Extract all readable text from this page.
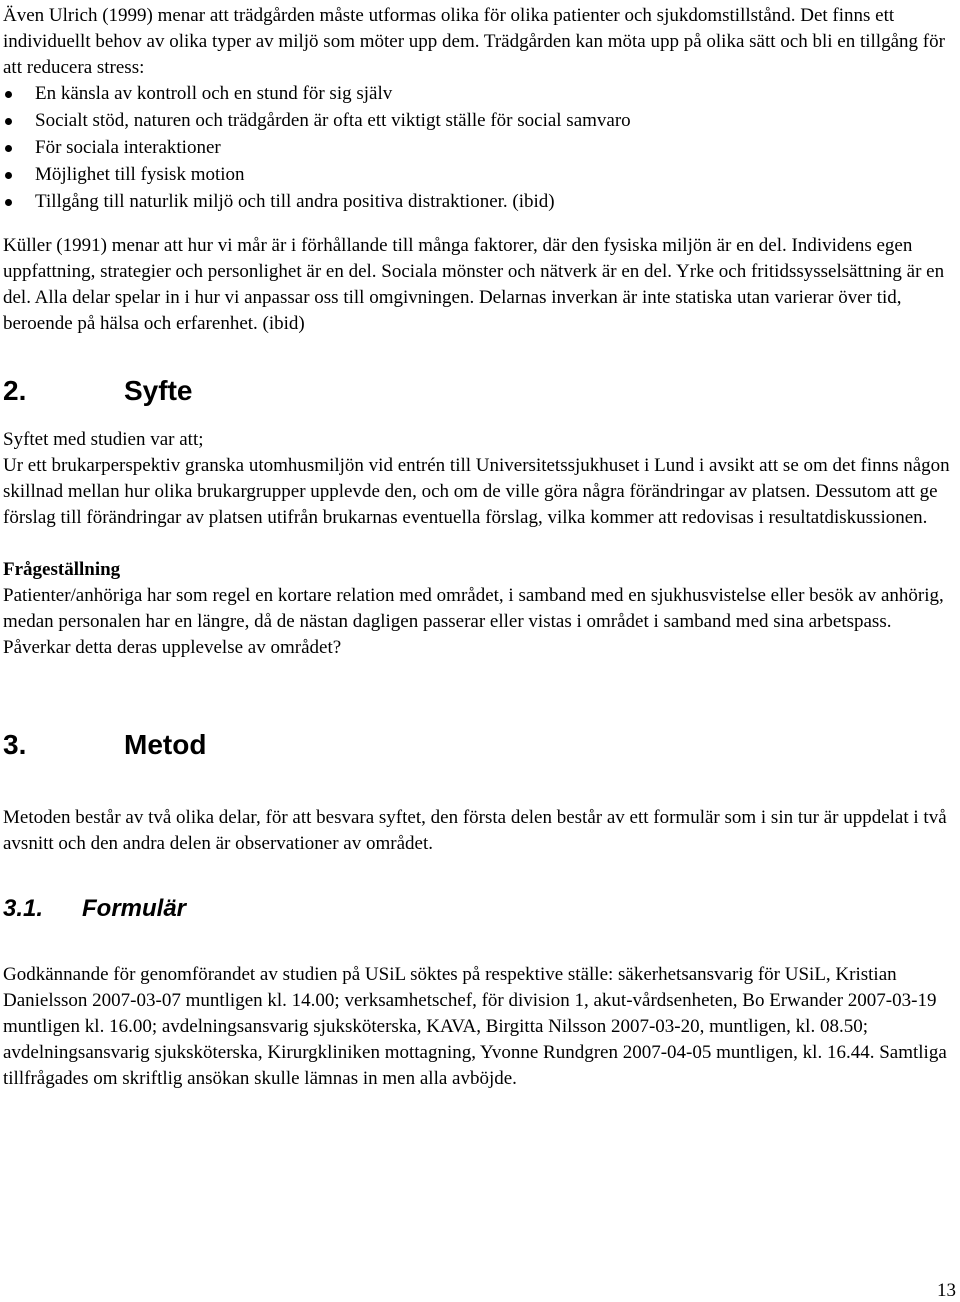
Även Ulrich (1999) menar att trädgården måste utformas olika för olika patienter och sjukdomstillstånd. Det finns ett individuellt behov av olika typer av miljö som möter upp dem. Trädgården kan möta upp på olika sätt och bli en tillgång för att reducera stress:

En känsla av kontroll och en stund för sig själv
Socialt stöd, naturen och trädgården är ofta ett viktigt ställe för social samvaro
För sociala interaktioner
Möjlighet till fysisk motion
Tillgång till naturlik miljö och till andra positiva distraktioner. (ibid)

Küller (1991) menar att hur vi mår är i förhållande till många faktorer, där den fysiska miljön är en del. Individens egen uppfattning, strategier och personlighet är en del. Sociala mönster och nätverk är en del. Yrke och fritidssysselsättning är en del. Alla delar spelar in i hur vi anpassar oss till omgivningen. Delarnas inverkan är inte statiska utan varierar över tid, beroende på hälsa och erfarenhet. (ibid)

2.	Syfte

Syftet med studien var att;

Ur ett brukarperspektiv granska utomhusmiljön vid entrén till Universitetssjukhuset i Lund i avsikt att se om det finns någon skillnad mellan hur olika brukargrupper upplevde den, och om de ville göra några förändringar av platsen. Dessutom att ge förslag till förändringar av platsen utifrån brukarnas eventuella förslag, vilka kommer att redovisas i resultatdiskussionen.

Frågeställning

Patienter/anhöriga har som regel en kortare relation med området, i samband med en sjukhusvistelse eller besök av anhörig, medan personalen har en längre, då de nästan dagligen passerar eller vistas i området i samband med sina arbetspass. Påverkar detta deras upplevelse av området?

3.	Metod

Metoden består av två olika delar, för att besvara syftet, den första delen består av ett formulär som i sin tur är uppdelat i två avsnitt och den andra delen är observationer av området.

3.1.	Formulär

Godkännande för genomförandet av studien på USiL söktes på respektive ställe: säkerhetsansvarig för USiL, Kristian Danielsson 2007-03-07 muntligen kl. 14.00; verksamhetschef, för division 1, akut-vårdsenheten, Bo Erwander 2007-03-19 muntligen kl. 16.00; avdelningsansvarig sjuksköterska, KAVA, Birgitta Nilsson 2007-03-20, muntligen, kl. 08.50; avdelningsansvarig sjuksköterska, Kirurgkliniken mottagning, Yvonne Rundgren 2007-04-05 muntligen, kl. 16.44. Samtliga tillfrågades om skriftlig ansökan skulle lämnas in men alla avböjde.

13
